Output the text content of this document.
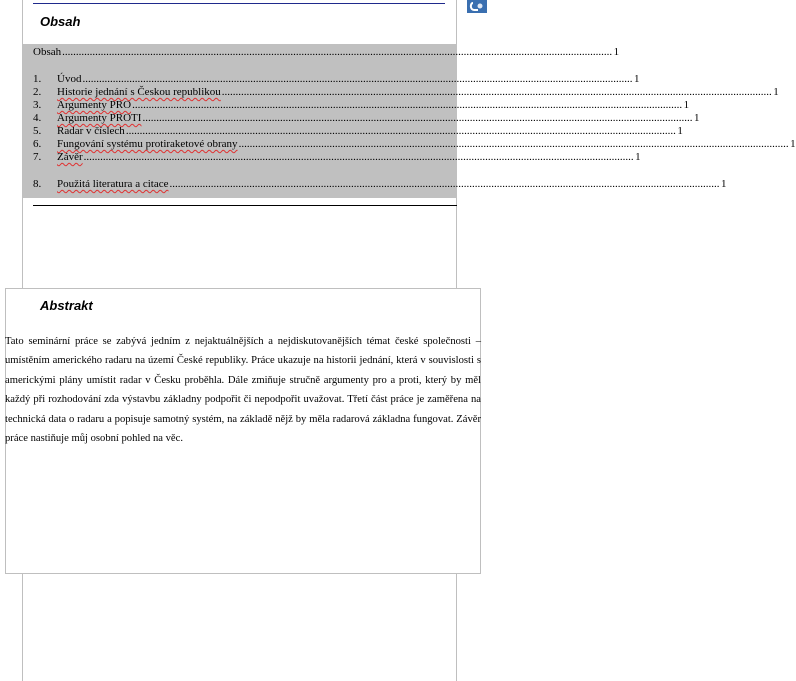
Obsah
Obsah ........................................................................................................................................................................................................ 1
1.	Úvod ........................................................................................................................................................................................................ 1
2.	Historie jednání s Českou republikou ........................................................................................................................................................................................................ 1
3.	Argumenty PRO ........................................................................................................................................................................................................ 1
4.	Argumenty PROTI ........................................................................................................................................................................................................ 1
5.	Radar v číslech ........................................................................................................................................................................................................ 1
6.	Fungování systému protiraketové obrany ........................................................................................................................................................................................................ 1
7.	Závěr ........................................................................................................................................................................................................ 1
8.	Použitá literatura a citace ........................................................................................................................................................................................................ 1
Abstrakt
Tato seminární práce se zabývá jedním z nejaktuálnějších a nejdiskutovanějších témat české společnosti – umístěním amerického radaru na území České republiky. Práce ukazuje na historii jednání, která v souvislosti s americkými plány umístit radar v Česku proběhla. Dále zmiňuje stručně argumenty pro a proti, který by měl každý při rozhodování zda výstavbu základny podpořit či nepodpořit uvažovat. Třetí část práce je zaměřena na technická data o radaru a popisuje samotný systém, na základě nějž by měla radarová základna fungovat. Závěr práce nastiňuje můj osobní pohled na věc.
